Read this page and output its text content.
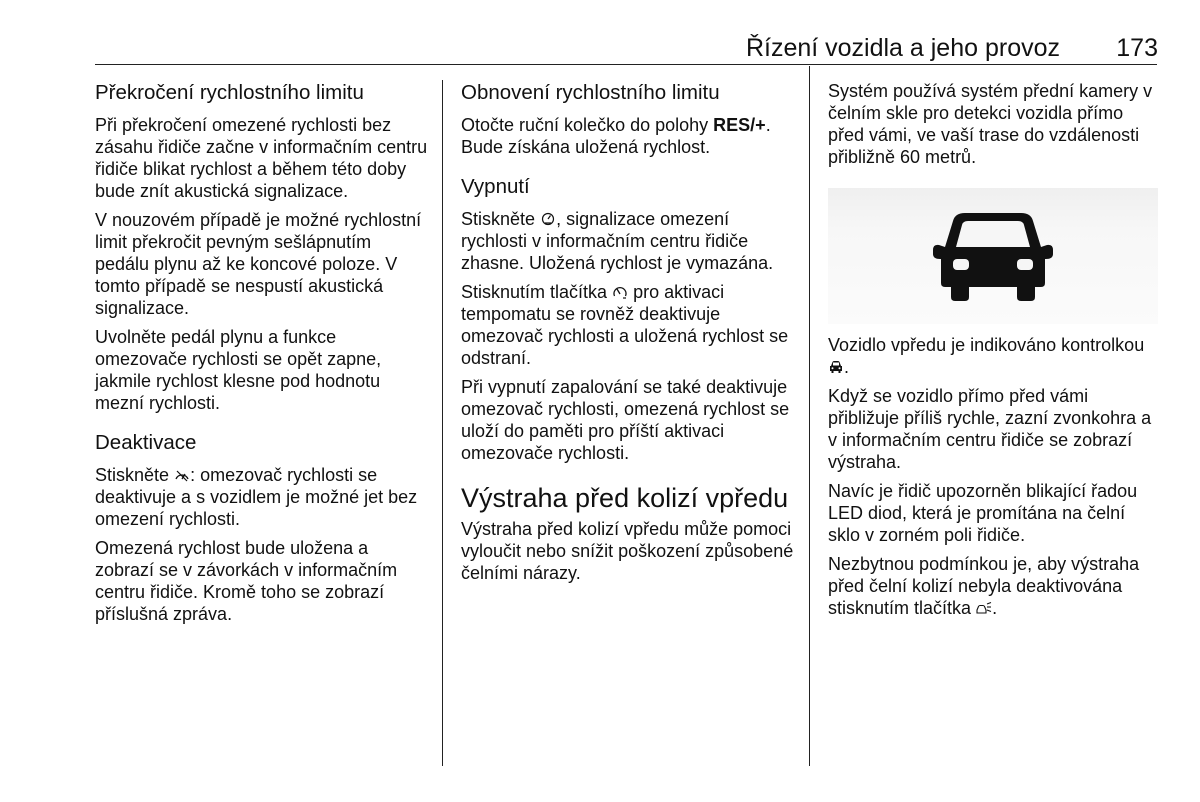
Řízení vozidla a jeho provoz	173
Překročení rychlostního limitu

Při překročení omezené rychlosti bez zásahu řidiče začne v informačním centru řidiče blikat rychlost a během této doby bude znít akustická signalizace.

V nouzovém případě je možné rychlostní limit překročit pevným sešlápnutím pedálu plynu až ke koncové poloze. V tomto případě se nespustí akustická signalizace.

Uvolněte pedál plynu a funkce omezovače rychlosti se opět zapne, jakmile rychlost klesne pod hodnotu mezní rychlosti.

Deaktivace

Stiskněte : omezovač rychlosti se deaktivuje a s vozidlem je možné jet bez omezení rychlosti.

Omezená rychlost bude uložena a zobrazí se v závorkách v informačním centru řidiče. Kromě toho se zobrazí příslušná zpráva.

Obnovení rychlostního limitu

Otočte ruční kolečko do polohy RES/+. Bude získána uložená rychlost.

Vypnutí

Stiskněte , signalizace omezení rychlosti v informačním centru řidiče zhasne. Uložená rychlost je vymazána.

Stisknutím tlačítka pro aktivaci tempomatu se rovněž deaktivuje omezovač rychlosti a uložená rychlost se odstraní.

Při vypnutí zapalování se také deaktivuje omezovač rychlosti, omezená rychlost se uloží do paměti pro příští aktivaci omezovače rychlosti.

Výstraha před kolizí vpředu

Výstraha před kolizí vpředu může pomoci vyloučit nebo snížit poškození způsobené čelními nárazy.

Systém používá systém přední kamery v čelním skle pro detekci vozidla přímo před vámi, ve vaší trase do vzdálenosti přibližně 60 metrů.

Vozidlo vpředu je indikováno kontrolkou .

Když se vozidlo přímo před vámi přibližuje příliš rychle, zazní zvonkohra a v informačním centru řidiče se zobrazí výstraha.

Navíc je řidič upozorněn blikající řadou LED diod, která je promítána na čelní sklo v zorném poli řidiče.

Nezbytnou podmínkou je, aby výstraha před čelní kolizí nebyla deaktivována stisknutím tlačítka .
